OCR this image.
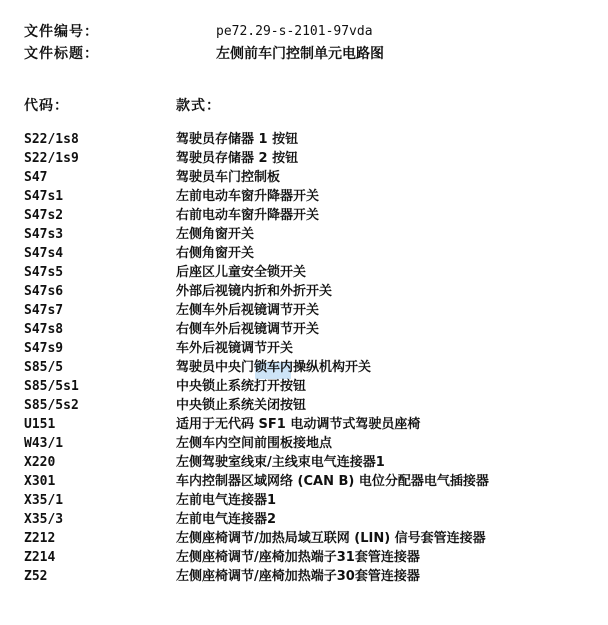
文件编号：	pe72.29-s-2101-97vda
文件标题：	左侧前车门控制单元电路图
代码：	款式：
S22/1s8	驾驶员存储器 1 按钮
S22/1s9	驾驶员存储器 2 按钮
S47	驾驶员车门控制板
S47s1	左前电动车窗升降器开关
S47s2	右前电动车窗升降器开关
S47s3	左侧角窗开关
S47s4	右侧角窗开关
S47s5	后座区儿童安全锁开关
S47s6	外部后视镜内折和外折开关
S47s7	左侧车外后视镜调节开关
S47s8	右侧车外后视镜调节开关
S47s9	车外后视镜调节开关
S85/5	驾驶员中央门锁车内操纵机构开关
S85/5s1	中央锁止系统打开按钮
S85/5s2	中央锁止系统关闭按钮
U151	适用于无代码 SF1 电动调节式驾驶员座椅
W43/1	左侧车内空间前围板接地点
X220	左侧驾驶室线束/主线束电气连接器1
X301	车内控制器区域网络 (CAN B) 电位分配器电气插接器
X35/1	左前电气连接器1
X35/3	左前电气连接器2
Z212	左侧座椅调节/加热局域互联网 (LIN) 信号套管连接器
Z214	左侧座椅调节/座椅加热端子31套管连接器
Z52	左侧座椅调节/座椅加热端子30套管连接器
